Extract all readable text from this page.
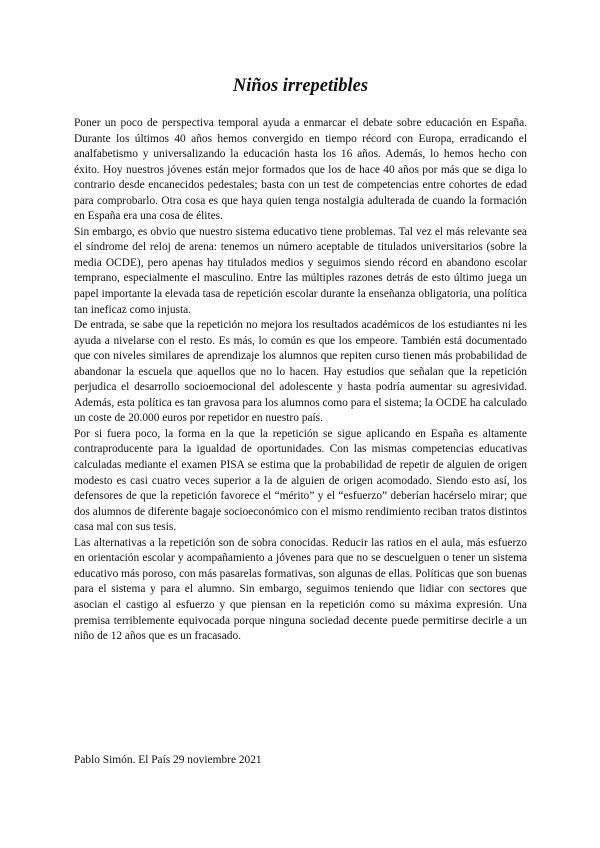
Niños irrepetibles

Poner un poco de perspectiva temporal ayuda a enmarcar el debate sobre educación en España. Durante los últimos 40 años hemos convergido en tiempo récord con Europa, erradicando el analfabetismo y universalizando la educación hasta los 16 años. Además, lo hemos hecho con éxito. Hoy nuestros jóvenes están mejor formados que los de hace 40 años por más que se diga lo contrario desde encanecidos pedestales; basta con un test de competencias entre cohortes de edad para comprobarlo. Otra cosa es que haya quien tenga nostalgia adulterada de cuando la formación en España era una cosa de élites.

Sin embargo, es obvio que nuestro sistema educativo tiene problemas. Tal vez el más relevante sea el síndrome del reloj de arena: tenemos un número aceptable de titulados universitarios (sobre la media OCDE), pero apenas hay titulados medios y seguimos siendo récord en abandono escolar temprano, especialmente el masculino. Entre las múltiples razones detrás de esto último juega un papel importante la elevada tasa de repetición escolar durante la enseñanza obligatoria, una política tan ineficaz como injusta.

De entrada, se sabe que la repetición no mejora los resultados académicos de los estudiantes ni les ayuda a nivelarse con el resto. Es más, lo común es que los empeore. También está documentado que con niveles similares de aprendizaje los alumnos que repiten curso tienen más probabilidad de abandonar la escuela que aquellos que no lo hacen. Hay estudios que señalan que la repetición perjudica el desarrollo socioemocional del adolescente y hasta podría aumentar su agresividad. Además, esta política es tan gravosa para los alumnos como para el sistema; la OCDE ha calculado un coste de 20.000 euros por repetidor en nuestro país.

Por si fuera poco, la forma en la que la repetición se sigue aplicando en España es altamente contraproducente para la igualdad de oportunidades. Con las mismas competencias educativas calculadas mediante el examen PISA se estima que la probabilidad de repetir de alguien de origen modesto es casi cuatro veces superior a la de alguien de origen acomodado. Siendo esto así, los defensores de que la repetición favorece el “mérito” y el “esfuerzo” deberían hacérselo mirar; que dos alumnos de diferente bagaje socioeconómico con el mismo rendimiento reciban tratos distintos casa mal con sus tesis.

Las alternativas a la repetición son de sobra conocidas. Reducir las ratios en el aula, más esfuerzo en orientación escolar y acompañamiento a jóvenes para que no se descuelguen o tener un sistema educativo más poroso, con más pasarelas formativas, son algunas de ellas. Políticas que son buenas para el sistema y para el alumno. Sin embargo, seguimos teniendo que lidiar con sectores que asocian el castigo al esfuerzo y que piensan en la repetición como su máxima expresión. Una premisa terriblemente equivocada porque ninguna sociedad decente puede permitirse decirle a un niño de 12 años que es un fracasado.

Pablo Simón. El País 29 noviembre 2021
